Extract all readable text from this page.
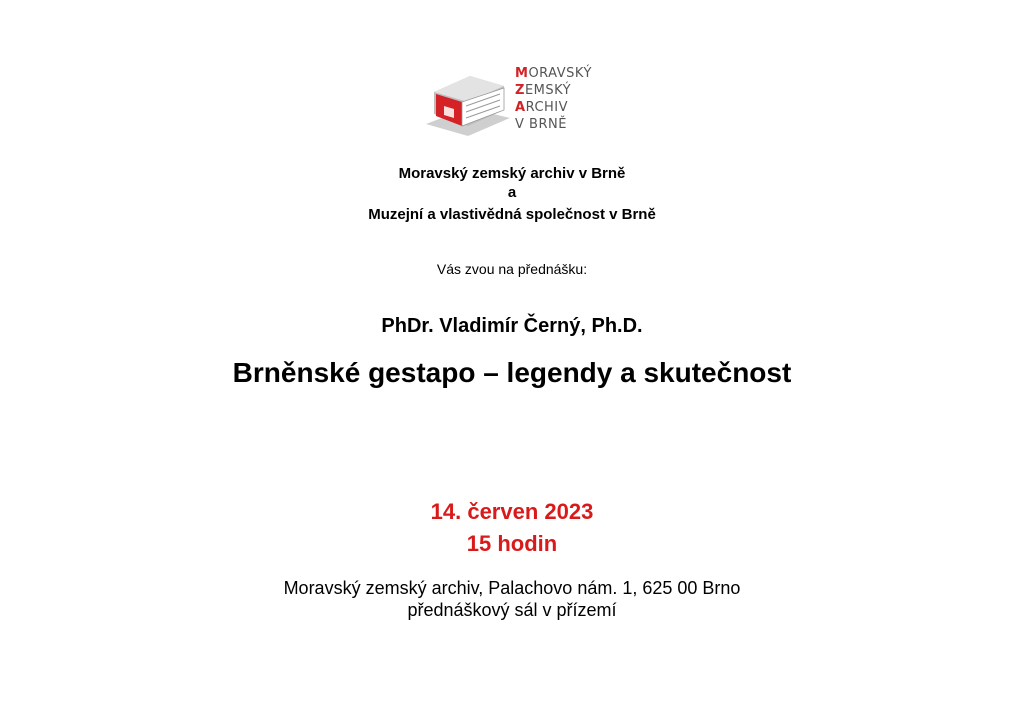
MORAVSKÝ
ZEMSKÝ
ARCHIV
V BRNĚ
Moravský zemský archiv v Brně
a
Muzejní a vlastivědná společnost v Brně
Vás zvou na přednášku:
PhDr. Vladimír Černý, Ph.D.
Brněnské gestapo – legendy a skutečnost
14. červen 2023
15 hodin
Moravský zemský archiv, Palachovo nám. 1, 625 00 Brno
přednáškový sál v přízemí
